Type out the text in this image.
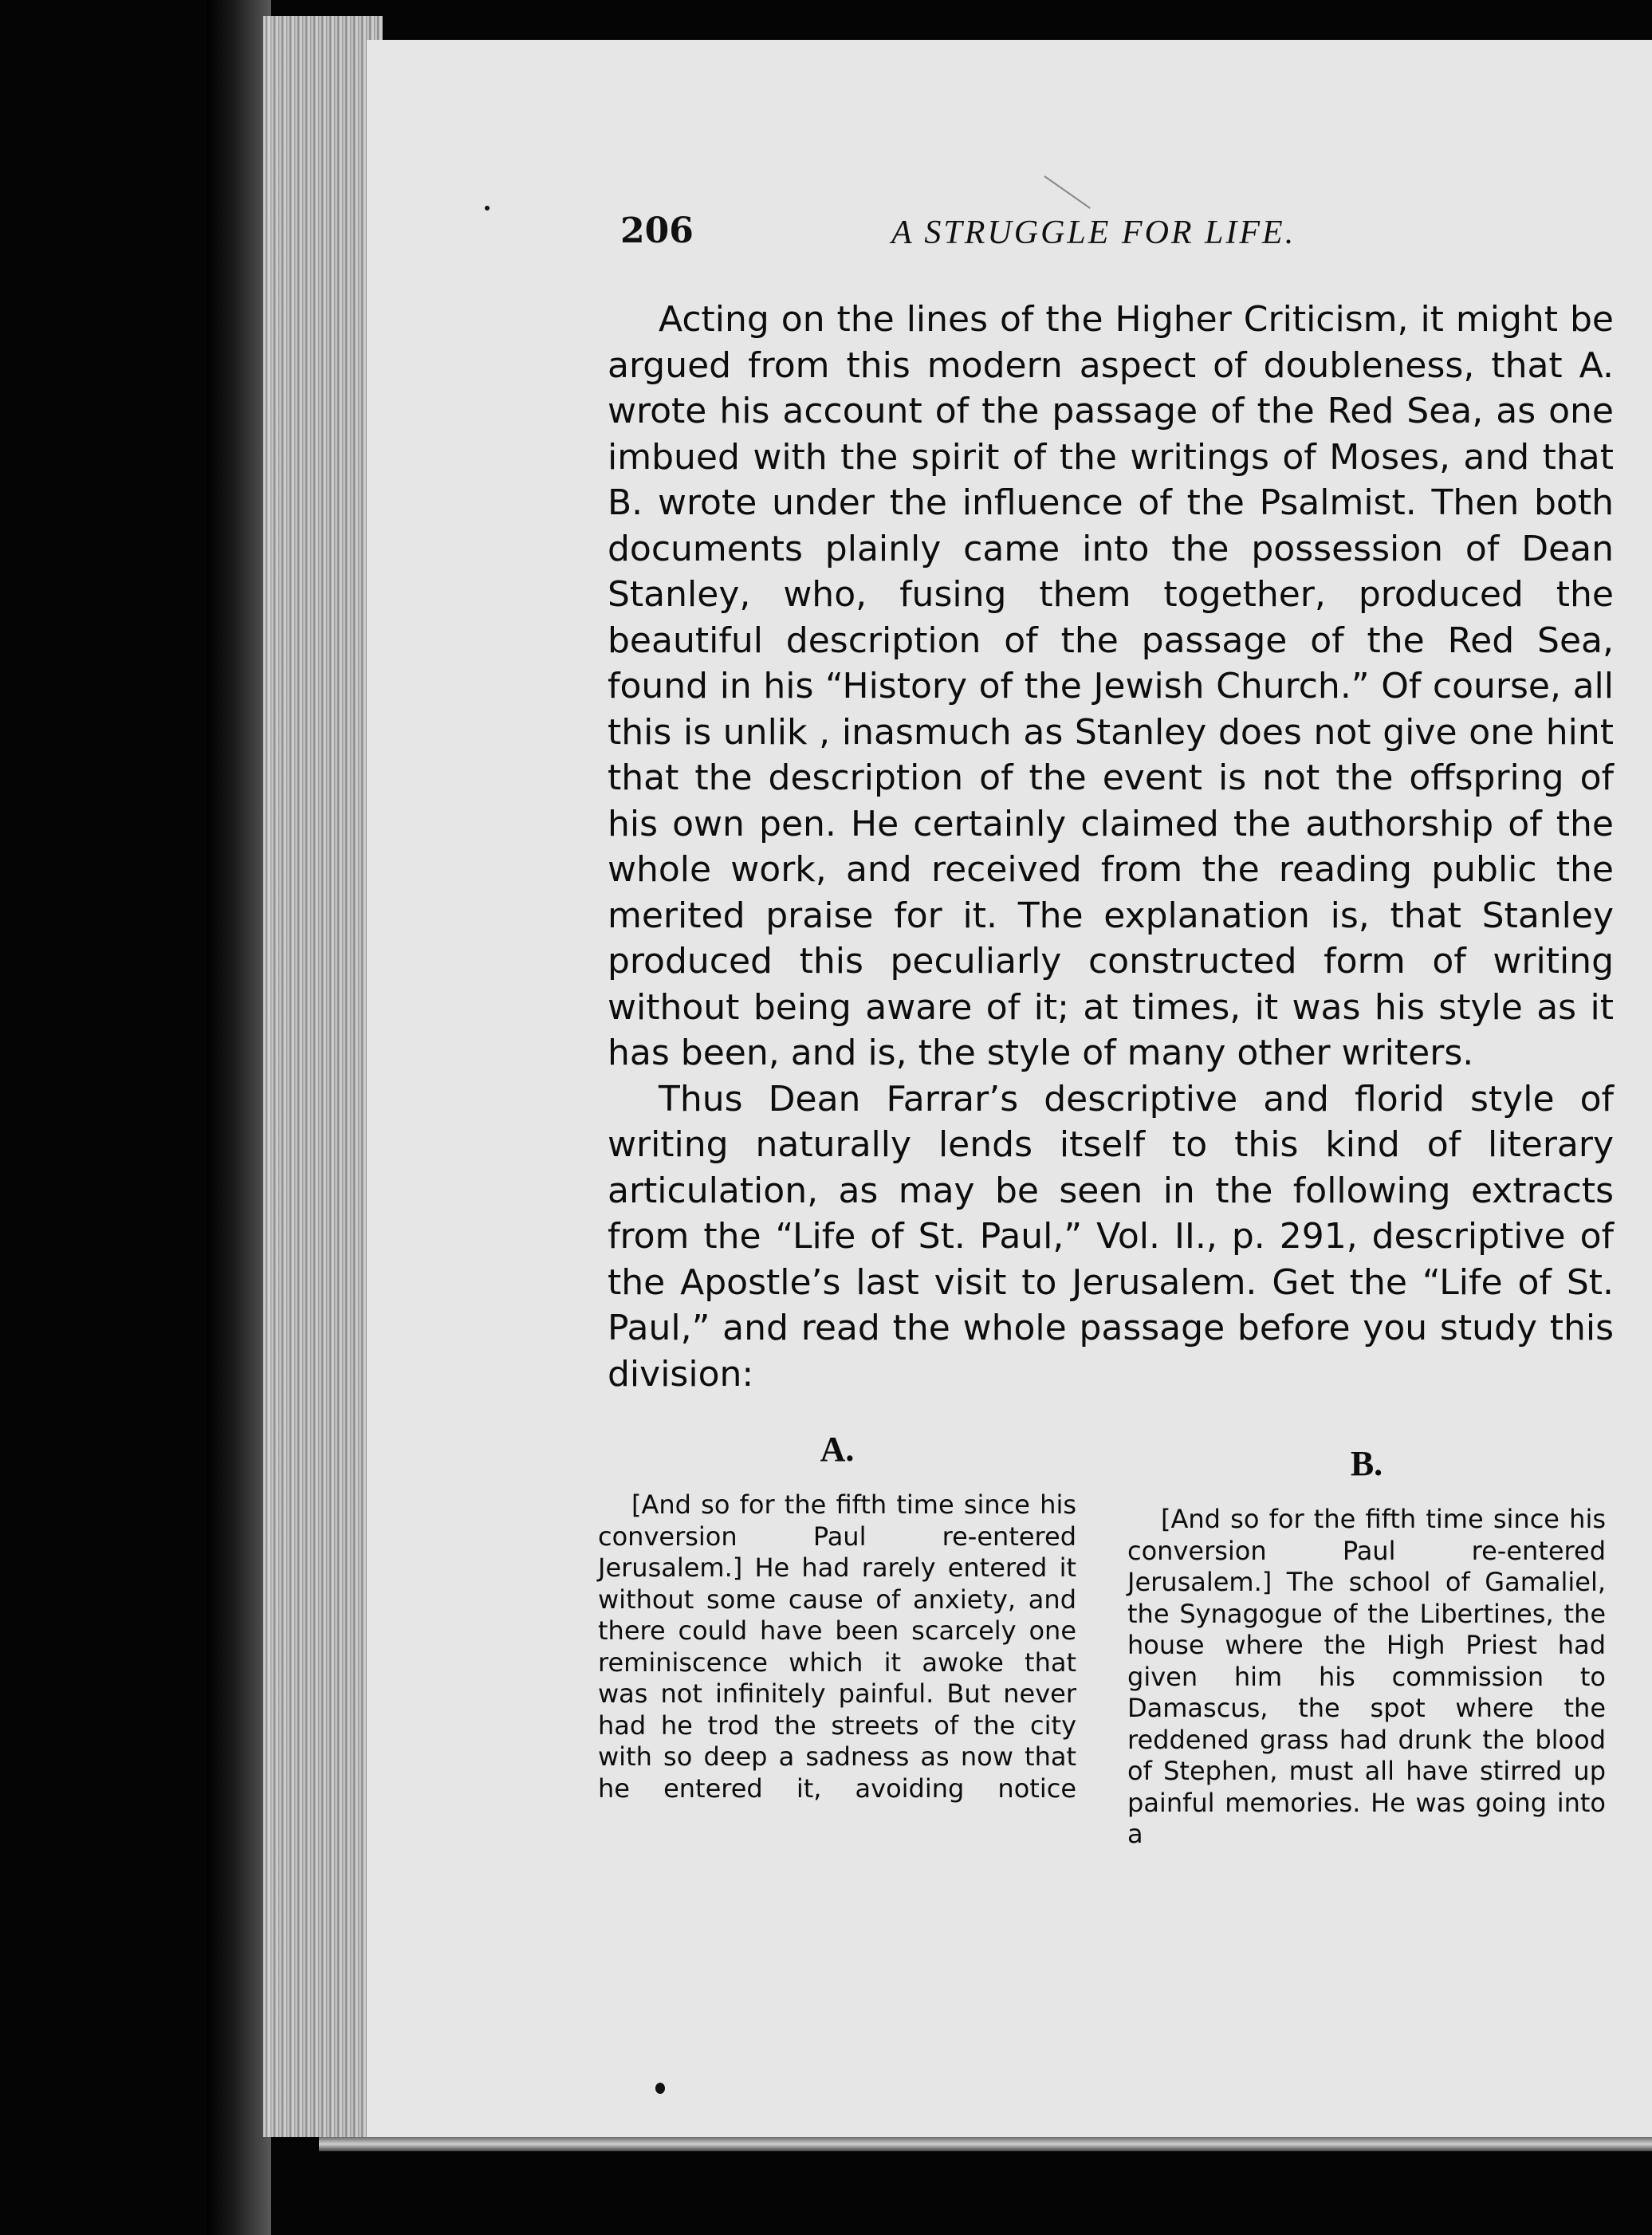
206	A STRUGGLE FOR LIFE.

Acting on the lines of the Higher Criticism, it might be argued from this modern aspect of doubleness, that A. wrote his account of the passage of the Red Sea, as one imbued with the spirit of the writings of Moses, and that B. wrote under the influence of the Psalmist. Then both documents plainly came into the possession of Dean Stanley, who, fusing them together, produced the beautiful description of the passage of the Red Sea, found in his “History of the Jewish Church.” Of course, all this is unlik , inasmuch as Stanley does not give one hint that the description of the event is not the offspring of his own pen. He certainly claimed the authorship of the whole work, and received from the reading public the merited praise for it. The explanation is, that Stanley produced this peculiarly constructed form of writing without being aware of it; at times, it was his style as it has been, and is, the style of many other writers.

Thus Dean Farrar’s descriptive and florid style of writing naturally lends itself to this kind of literary articulation, as may be seen in the following extracts from the “Life of St. Paul,” Vol. II., p. 291, descriptive of the Apostle’s last visit to Jerusalem. Get the “Life of St. Paul,” and read the whole passage before you study this division:

A.
[And so for the fifth time since his conversion Paul re-entered Jerusalem.] He had rarely entered it without some cause of anxiety, and there could have been scarcely one reminiscence which it awoke that was not infinitely painful. But never had he trod the streets of the city with so deep a sadness as now that he entered it, avoiding notice
B.
[And so for the fifth time since his conversion Paul re-entered Jerusalem.] The school of Gamaliel, the Synagogue of the Libertines, the house where the High Priest had given him his commission to Damascus, the spot where the reddened grass had drunk the blood of Stephen, must all have stirred up painful memories. He was going into a
